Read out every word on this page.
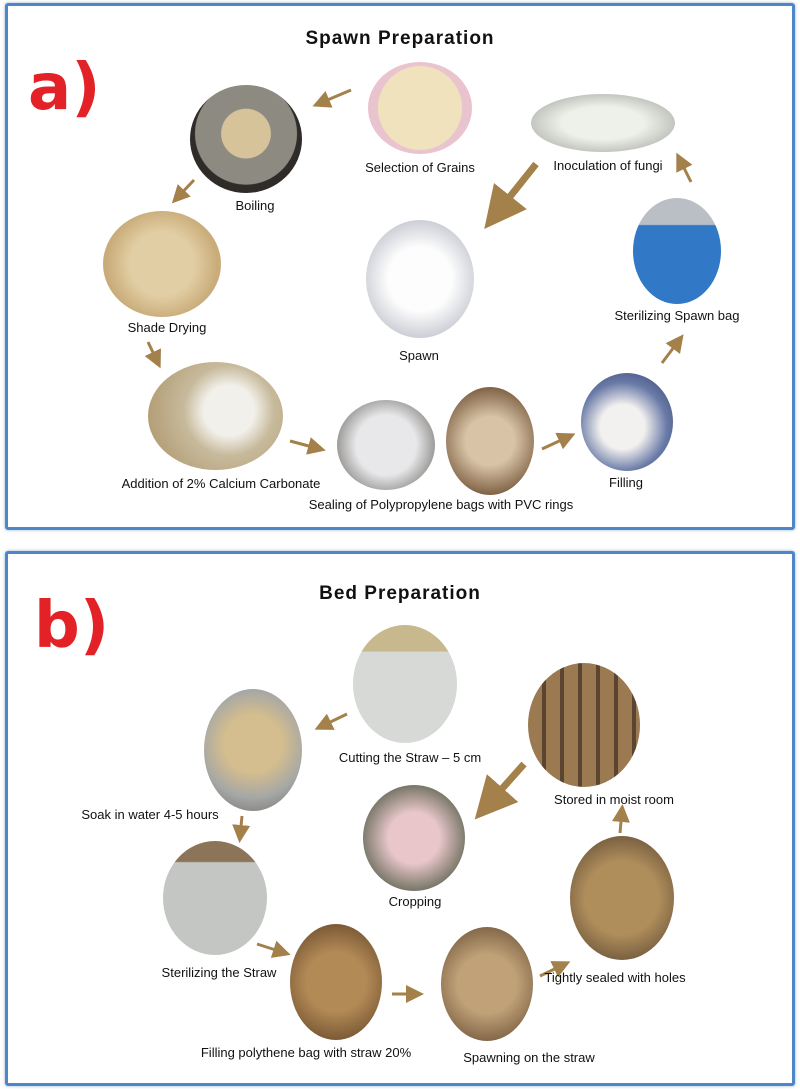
a)
Spawn Preparation
Selection of Grains
Boiling
Shade Drying
Addition of 2% Calcium Carbonate
Sealing of Polypropylene bags with PVC rings
Filling
Sterilizing Spawn bag
Inoculation of fungi
Spawn
b)	Bed Preparation
Cutting the Straw – 5 cm
Soak in water 4-5 hours
Sterilizing the Straw
Filling polythene bag with straw 20%	Spawning on the straw
Tightly sealed with holes
Stored in moist room
Cropping
